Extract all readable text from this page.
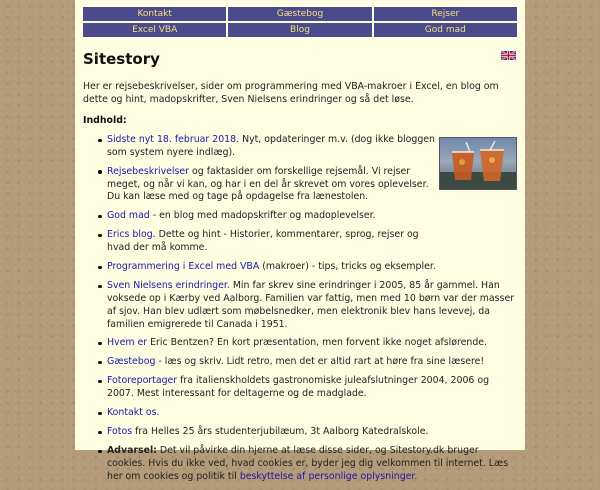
Kontakt	Gæstebog	Rejser
Excel VBA	Blog	God mad
Sitestory

Her er rejsebeskrivelser, sider om programmering med VBA-makroer i Excel, en blog om dette og hint, madopskrifter, Sven Nielsens erindringer og så det løse.

Indhold:
Sidste nyt 18. februar 2018. Nyt, opdateringer m.v. (dog ikke bloggen som system nyere indlæg).
Rejsebeskrivelser og faktasider om forskellige rejsemål. Vi rejser meget, og når vi kan, og har i en del år skrevet om vores oplevelser. Du kan læse med og tage på opdagelse fra lænestolen.
God mad - en blog med madopskrifter og madoplevelser.
Erics blog. Dette og hint - Historier, kommentarer, sprog, rejser og hvad der må komme.
Programmering i Excel med VBA (makroer) - tips, tricks og eksempler.
Sven Nielsens erindringer. Min far skrev sine erindringer i 2005, 85 år gammel. Han voksede op i Kærby ved Aalborg. Familien var fattig, men med 10 børn var der masser af sjov. Han blev udlært som møbelsnedker, men elektronik blev hans levevej, da familien emigrerede til Canada i 1951.
Hvem er Eric Bentzen? En kort præsentation, men forvent ikke noget afslørende.
Gæstebog - læs og skriv. Lidt retro, men det er altid rart at høre fra sine læsere!
Fotoreportager fra italienskholdets gastronomiske juleafslutninger 2004, 2006 og 2007. Mest interessant for deltagerne og de madglade.
Kontakt os.
Fotos fra Helles 25 års studenterjubilæum, 3t Aalborg Katedralskole.
Advarsel: Det vil påvirke din hjerne at læse disse sider, og Sitestory.dk bruger cookies. Hvis du ikke ved, hvad cookies er, byder jeg dig velkommen til internet. Læs her om cookies og politik til beskyttelse af personlige oplysninger.
